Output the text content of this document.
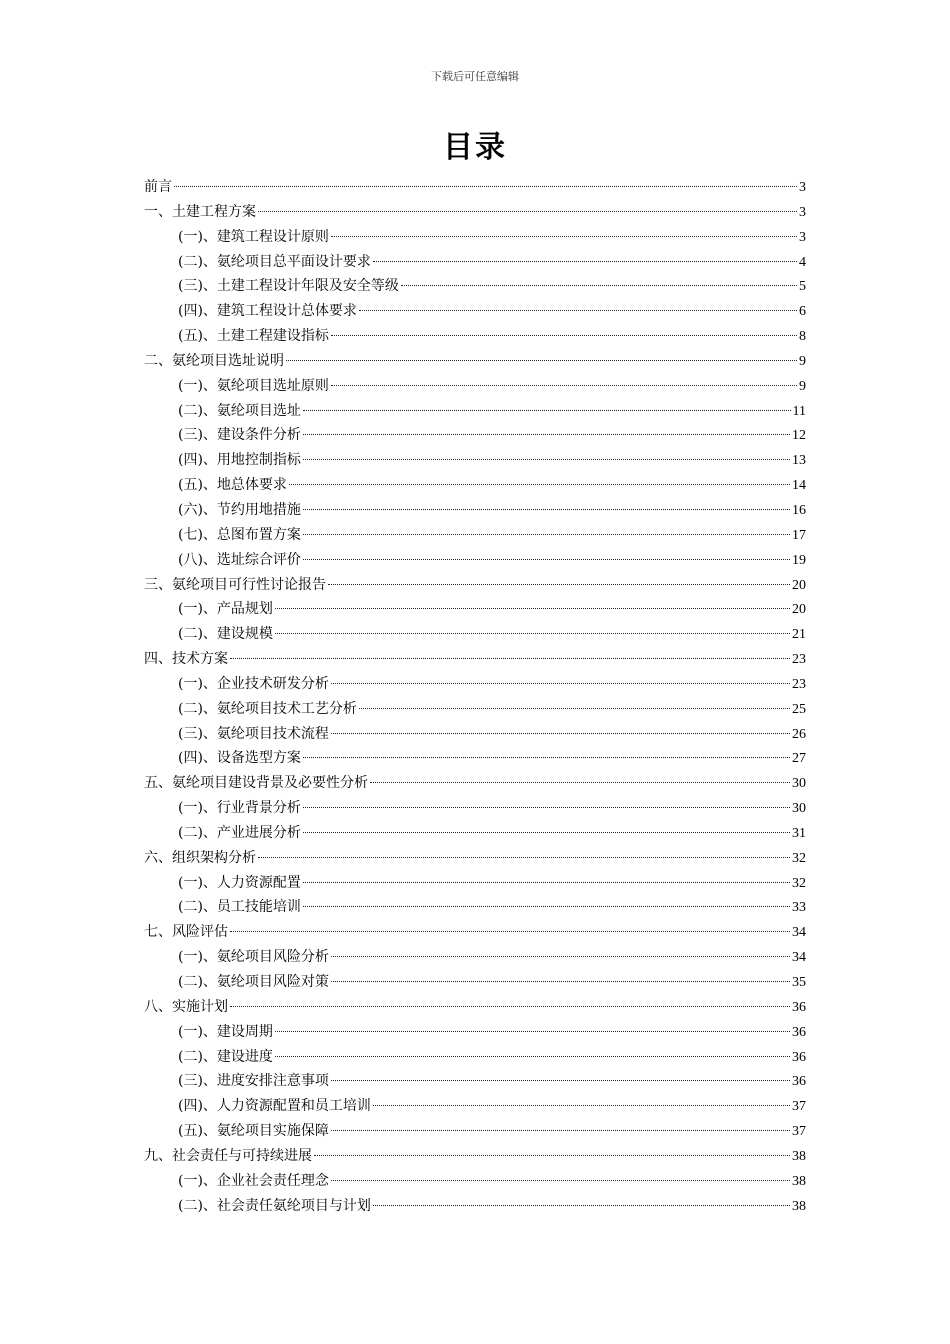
下载后可任意编辑
目录
前言	3
一、土建工程方案	3
(一)、建筑工程设计原则	3
(二)、氨纶项目总平面设计要求	4
(三)、土建工程设计年限及安全等级	5
(四)、建筑工程设计总体要求	6
(五)、土建工程建设指标	8
二、氨纶项目选址说明	9
(一)、氨纶项目选址原则	9
(二)、氨纶项目选址	11
(三)、建设条件分析	12
(四)、用地控制指标	13
(五)、地总体要求	14
(六)、节约用地措施	16
(七)、总图布置方案	17
(八)、选址综合评价	19
三、氨纶项目可行性讨论报告	20
(一)、产品规划	20
(二)、建设规模	21
四、技术方案	23
(一)、企业技术研发分析	23
(二)、氨纶项目技术工艺分析	25
(三)、氨纶项目技术流程	26
(四)、设备选型方案	27
五、氨纶项目建设背景及必要性分析	30
(一)、行业背景分析	30
(二)、产业进展分析	31
六、组织架构分析	32
(一)、人力资源配置	32
(二)、员工技能培训	33
七、风险评估	34
(一)、氨纶项目风险分析	34
(二)、氨纶项目风险对策	35
八、实施计划	36
(一)、建设周期	36
(二)、建设进度	36
(三)、进度安排注意事项	36
(四)、人力资源配置和员工培训	37
(五)、氨纶项目实施保障	37
九、社会责任与可持续进展	38
(一)、企业社会责任理念	38
(二)、社会责任氨纶项目与计划	38
